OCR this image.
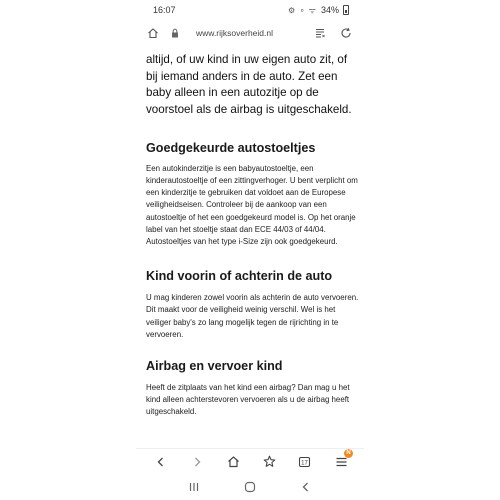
16:07	⚙ ∘ ᯤ 34%
www.rijksoverheid.nl

altijd, of uw kind in uw eigen auto zit, of bij iemand anders in de auto. Zet een baby alleen in een autozitje op de voorstoel als de airbag is uitgeschakeld.

Goedgekeurde autostoeltjes

Een autokinderzitje is een babyautostoeltje, een kinderautostoeltje of een zittingverhoger. U bent verplicht om een kinderzitje te gebruiken dat voldoet aan de Europese veiligheidseisen. Controleer bij de aankoop van een autostoeltje of het een goedgekeurd model is. Op het oranje label van het stoeltje staat dan ECE 44/03 of 44/04. Autostoeltjes van het type i-Size zijn ook goedgekeurd.

Kind voorin of achterin de auto

U mag kinderen zowel voorin als achterin de auto vervoeren. Dit maakt voor de veiligheid weinig verschil. Wel is het veiliger baby's zo lang mogelijk tegen de rijrichting in te vervoeren.

Airbag en vervoer kind

Heeft de zitplaats van het kind een airbag? Dan mag u het kind alleen achterstevoren vervoeren als u de airbag heeft uitgeschakeld.

17
N
